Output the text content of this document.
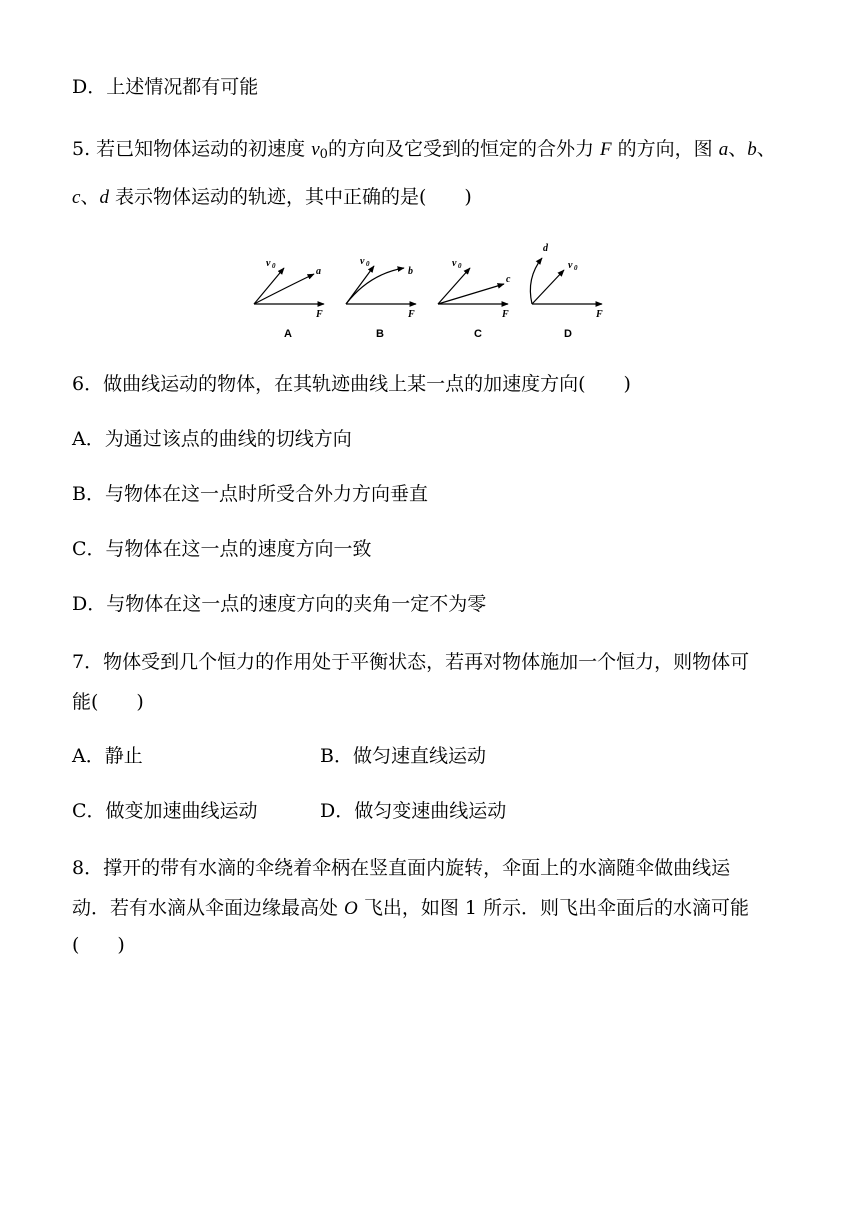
D．上述情况都有可能
5. 若已知物体运动的初速度 $v_0$的方向及它受到的恒定的合外力 F 的方向，图 a、b、
c、d 表示物体运动的轨迹，其中正确的是(　　)
v 0	a
F
A
v 0
b
F
B
v 0
c
F
C
d
v 0
F
D
6．做曲线运动的物体，在其轨迹曲线上某一点的加速度方向(　　)
A．为通过该点的曲线的切线方向
B．与物体在这一点时所受合外力方向垂直
C．与物体在这一点的速度方向一致
D．与物体在这一点的速度方向的夹角一定不为零
7．物体受到几个恒力的作用处于平衡状态，若再对物体施加一个恒力，则物体可
能(　　)
A．静止	B．做匀速直线运动
C．做变加速曲线运动	D．做匀变速曲线运动
8．撑开的带有水滴的伞绕着伞柄在竖直面内旋转，伞面上的水滴随伞做曲线运
动．若有水滴从伞面边缘最高处 O 飞出，如图 1 所示．则飞出伞面后的水滴可能
(　　)
